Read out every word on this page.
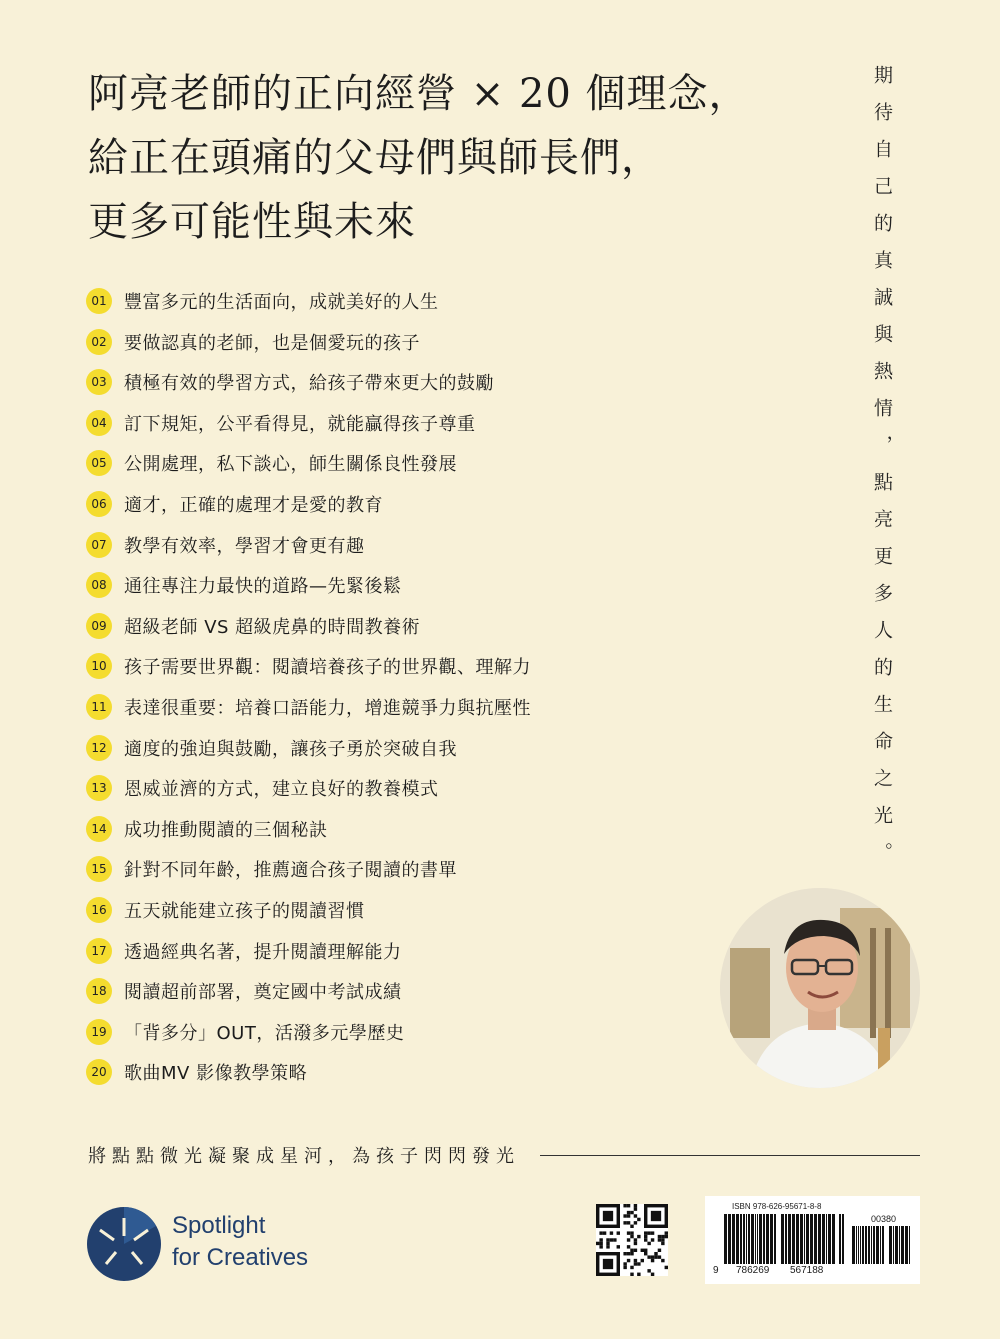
阿亮老師的正向經營 × 20 個理念，
給正在頭痛的父母們與師長們，
更多可能性與未來	期待自己的真誠與熱情，點亮更多人的生命之光。
01 豐富多元的生活面向，成就美好的人生
02 要做認真的老師，也是個愛玩的孩子
03 積極有效的學習方式，給孩子帶來更大的鼓勵
04 訂下規矩，公平看得見，就能贏得孩子尊重
05 公開處理，私下談心，師生關係良性發展
06 適才，正確的處理才是愛的教育
07 教學有效率，學習才會更有趣
08 通往專注力最快的道路—先緊後鬆
09 超級老師 VS 超級虎鼻的時間教養術
10 孩子需要世界觀：閱讀培養孩子的世界觀、理解力
11 表達很重要：培養口語能力，增進競爭力與抗壓性
12 適度的強迫與鼓勵，讓孩子勇於突破自我
13 恩威並濟的方式，建立良好的教養模式
14 成功推動閱讀的三個秘訣
15 針對不同年齡，推薦適合孩子閱讀的書單
16 五天就能建立孩子的閱讀習慣
17 透過經典名著，提升閱讀理解能力
18 閱讀超前部署，奠定國中考試成績
19 「背多分」OUT，活潑多元學歷史
20 歌曲MV 影像教學策略
將點點微光凝聚成星河，為孩子閃閃發光
Spotlight
for Creatives
ISBN 978-626-95671-8-8
00380
9 786269 567188
